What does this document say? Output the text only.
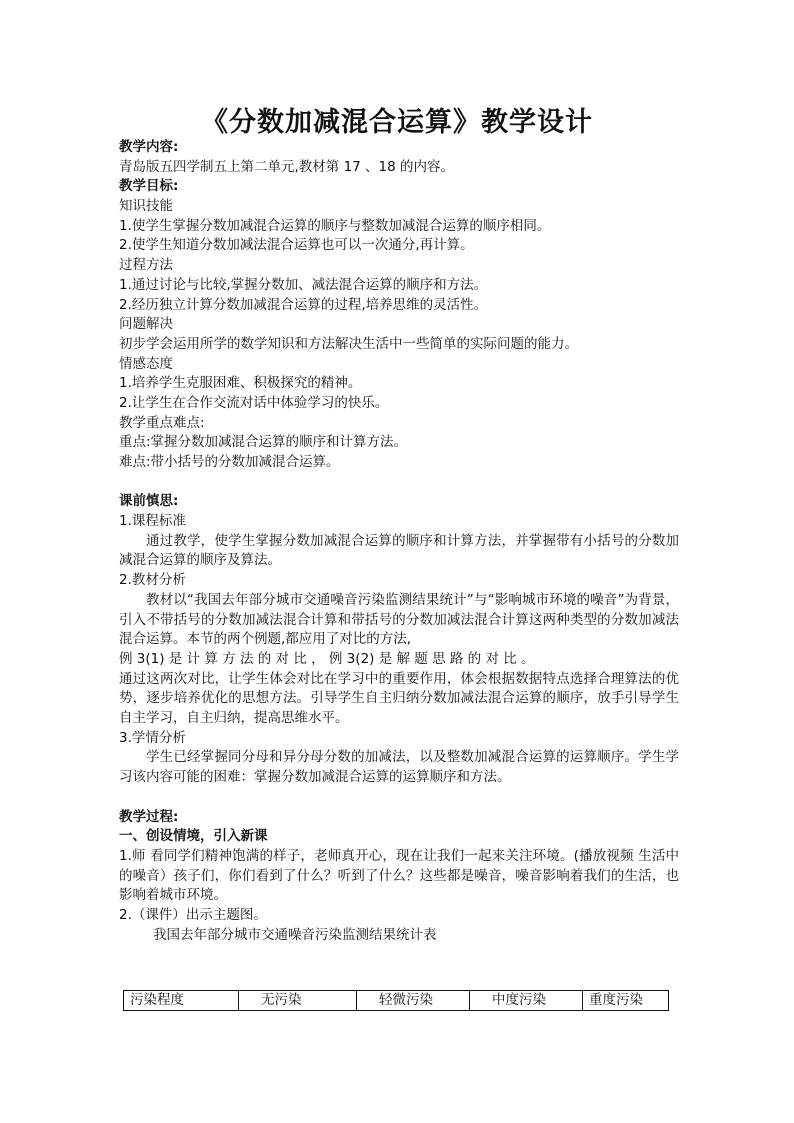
《分数加减混合运算》教学设计
教学内容:
青岛版五四学制五上第二单元,教材第 17 、18 的内容。
教学目标:
知识技能
1.使学生掌握分数加减混合运算的顺序与整数加减混合运算的顺序相同。
2.使学生知道分数加减法混合运算也可以一次通分,再计算。
过程方法
1.通过讨论与比较,掌握分数加、减法混合运算的顺序和方法。
2.经历独立计算分数加减混合运算的过程,培养思维的灵活性。
问题解决
初步学会运用所学的数学知识和方法解决生活中一些简单的实际问题的能力。
情感态度
1.培养学生克服困难、积极探究的精神。
2.让学生在合作交流对话中体验学习的快乐。
教学重点难点:
重点:掌握分数加减混合运算的顺序和计算方法。
难点:带小括号的分数加减混合运算。
课前慎思:
1.课程标准
通过教学，使学生掌握分数加减混合运算的顺序和计算方法，并掌握带有小括号的分数加减混合运算的顺序及算法。
2.教材分析
教材以“我国去年部分城市交通噪音污染监测结果统计”与“影响城市环境的噪音”为背景，引入不带括号的分数加减法混合计算和带括号的分数加减法混合计算这两种类型的分数加减法混合运算。本节的两个例题,都应用了对比的方法,
例 3(1) 是 计 算 方 法 的 对 比 ， 例 3(2) 是 解 题 思 路 的 对 比 。
通过这两次对比，让学生体会对比在学习中的重要作用，体会根据数据特点选择合理算法的优势，逐步培养优化的思想方法。引导学生自主归纳分数加减法混合运算的顺序，放手引导学生自主学习，自主归纳，提高思维水平。
3.学情分析
学生已经掌握同分母和异分母分数的加减法，以及整数加减混合运算的运算顺序。学生学习该内容可能的困难：掌握分数加减混合运算的运算顺序和方法。
教学过程:
一、创设情境，引入新课
1.师 看同学们精神饱满的样子，老师真开心，现在让我们一起来关注环境。(播放视频 生活中的噪音）孩子们，你们看到了什么？听到了什么？这些都是噪音，噪音影响着我们的生活，也影响着城市环境。
2.（课件）出示主题图。
我国去年部分城市交通噪音污染监测结果统计表
污染程度	无污染	轻微污染	中度污染	重度污染
